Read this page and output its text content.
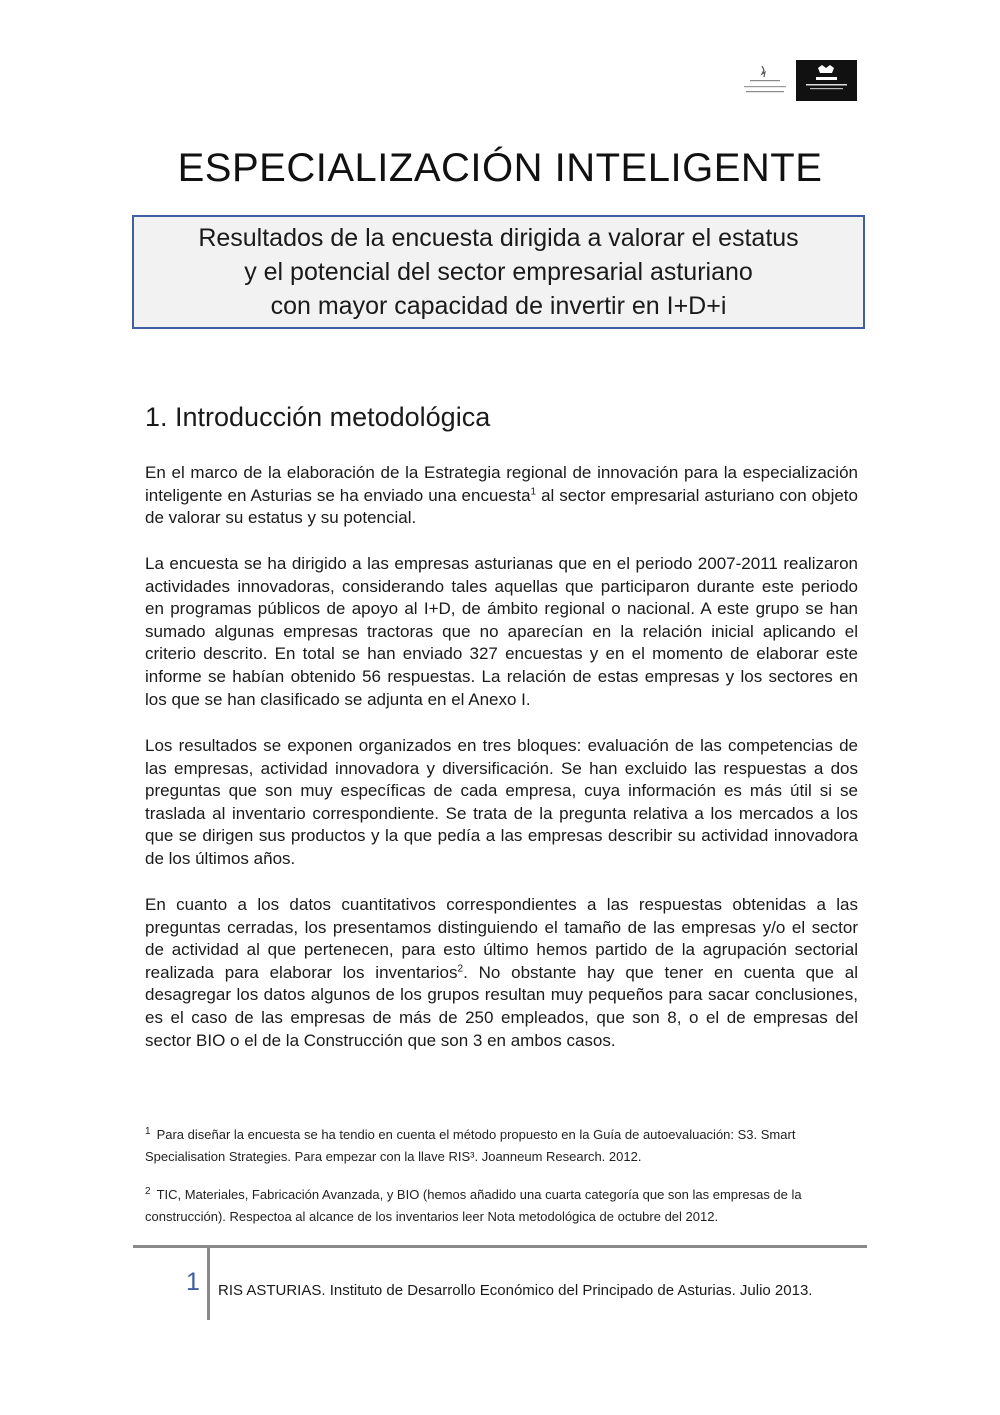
ESPECIALIZACIÓN INTELIGENTE
Resultados de la encuesta dirigida a valorar el estatus
y el potencial del sector empresarial asturiano
con mayor capacidad de invertir en I+D+i
1. Introducción metodológica

En el marco de la elaboración de la Estrategia regional de innovación para la especialización inteligente en Asturias se ha enviado una encuesta$^1$ al sector empresarial asturiano con objeto de valorar su estatus y su potencial.

La encuesta se ha dirigido a las empresas asturianas que en el periodo 2007-2011 realizaron actividades innovadoras, considerando tales aquellas que participaron durante este periodo en programas públicos de apoyo al I+D, de ámbito regional o nacional. A este grupo se han sumado algunas empresas tractoras que no aparecían en la relación inicial aplicando el criterio descrito. En total se han enviado 327 encuestas y en el momento de elaborar este informe se habían obtenido 56 respuestas. La relación de estas empresas y los sectores en los que se han clasificado se adjunta en el Anexo I.

Los resultados se exponen organizados en tres bloques: evaluación de las competencias de las empresas, actividad innovadora y diversificación. Se han excluido las respuestas a dos preguntas que son muy específicas de cada empresa, cuya información es más útil si se traslada al inventario correspondiente. Se trata de la pregunta relativa a los mercados a los que se dirigen sus productos y la que pedía a las empresas describir su actividad innovadora de los últimos años.

En cuanto a los datos cuantitativos correspondientes a las respuestas obtenidas a las preguntas cerradas, los presentamos distinguiendo el tamaño de las empresas y/o el sector de actividad al que pertenecen, para esto último hemos partido de la agrupación sectorial realizada para elaborar los inventarios$^2$. No obstante hay que tener en cuenta que al desagregar los datos algunos de los grupos resultan muy pequeños para sacar conclusiones, es el caso de las empresas de más de 250 empleados, que son 8, o el de empresas del sector BIO o el de la Construcción que son 3 en ambos casos.

$^1$ Para diseñar la encuesta se ha tendio en cuenta el método propuesto en la Guía de autoevaluación: S3. Smart Specialisation Strategies. Para empezar con la llave RIS³. Joanneum Research. 2012.
$^2$ TIC, Materiales, Fabricación Avanzada, y BIO (hemos añadido una cuarta categoría que son las empresas de la construcción). Respectoa al alcance de los inventarios leer Nota metodológica de octubre del 2012.
1 RIS ASTURIAS. Instituto de Desarrollo Económico del Principado de Asturias. Julio 2013.
